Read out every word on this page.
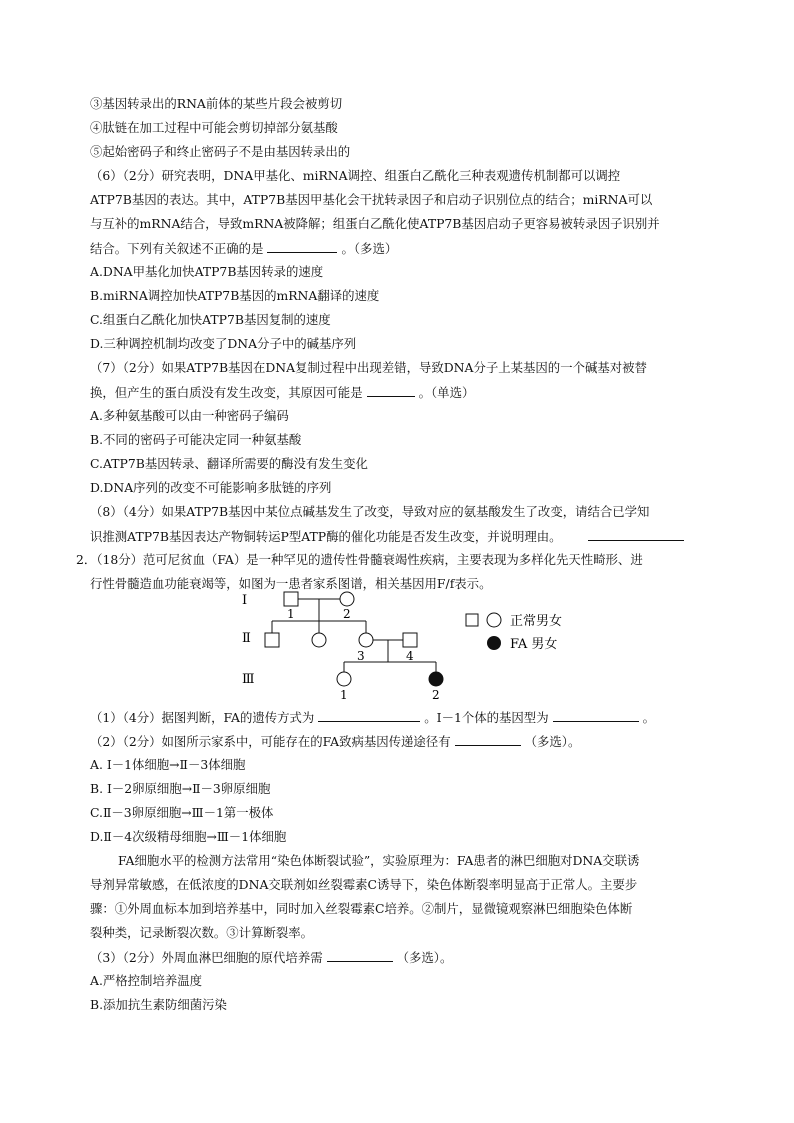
③基因转录出的RNA前体的某些片段会被剪切
④肽链在加工过程中可能会剪切掉部分氨基酸
⑤起始密码子和终止密码子不是由基因转录出的
（6）（2分）研究表明，DNA甲基化、miRNA调控、组蛋白乙酰化三种表观遗传机制都可以调控
ATP7B基因的表达。其中，ATP7B基因甲基化会干扰转录因子和启动子识别位点的结合；miRNA可以
与互补的mRNA结合，导致mRNA被降解；组蛋白乙酰化使ATP7B基因启动子更容易被转录因子识别并
结合。下列有关叙述不正确的是	。（多选）
A.DNA甲基化加快ATP7B基因转录的速度
B.miRNA调控加快ATP7B基因的mRNA翻译的速度
C.组蛋白乙酰化加快ATP7B基因复制的速度
D.三种调控机制均改变了DNA分子中的碱基序列
（7）（2分）如果ATP7B基因在DNA复制过程中出现差错，导致DNA分子上某基因的一个碱基对被替
换，但产生的蛋白质没有发生改变，其原因可能是	。（单选）
A.多种氨基酸可以由一种密码子编码
B.不同的密码子可能决定同一种氨基酸
C.ATP7B基因转录、翻译所需要的酶没有发生变化
D.DNA序列的改变不可能影响多肽链的序列
（8）（4分）如果ATP7B基因中某位点碱基发生了改变，导致对应的氨基酸发生了改变，请结合已学知
识推测ATP7B基因表达产物铜转运P型ATP酶的催化功能是否发生改变，并说明理由。
2．（18分）范可尼贫血（FA）是一种罕见的遗传性骨髓衰竭性疾病，主要表现为多样化先天性畸形、进
行性骨髓造血功能衰竭等，如图为一患者家系图谱，相关基因用F/f表示。
Ⅰ
Ⅱ
Ⅲ
1	2
3	4
1	2
正常男女
FA 男女
（1）（4分）据图判断，FA的遗传方式为	。Ⅰ－1个体的基因型为	。
（2）（2分）如图所示家系中，可能存在的FA致病基因传递途径有	（多选）。
A. Ⅰ－1体细胞→Ⅱ－3体细胞
B. Ⅰ－2卵原细胞→Ⅱ－3卵原细胞
C.Ⅱ－3卵原细胞→Ⅲ－1第一极体
D.Ⅱ－4次级精母细胞→Ⅲ－1体细胞
FA细胞水平的检测方法常用“染色体断裂试验”，实验原理为：FA患者的淋巴细胞对DNA交联诱
导剂异常敏感，在低浓度的DNA交联剂如丝裂霉素C诱导下，染色体断裂率明显高于正常人。主要步
骤：①外周血标本加到培养基中，同时加入丝裂霉素C培养。②制片，显微镜观察淋巴细胞染色体断
裂种类，记录断裂次数。③计算断裂率。
（3）（2分）外周血淋巴细胞的原代培养需	（多选）。
A.严格控制培养温度
B.添加抗生素防细菌污染
